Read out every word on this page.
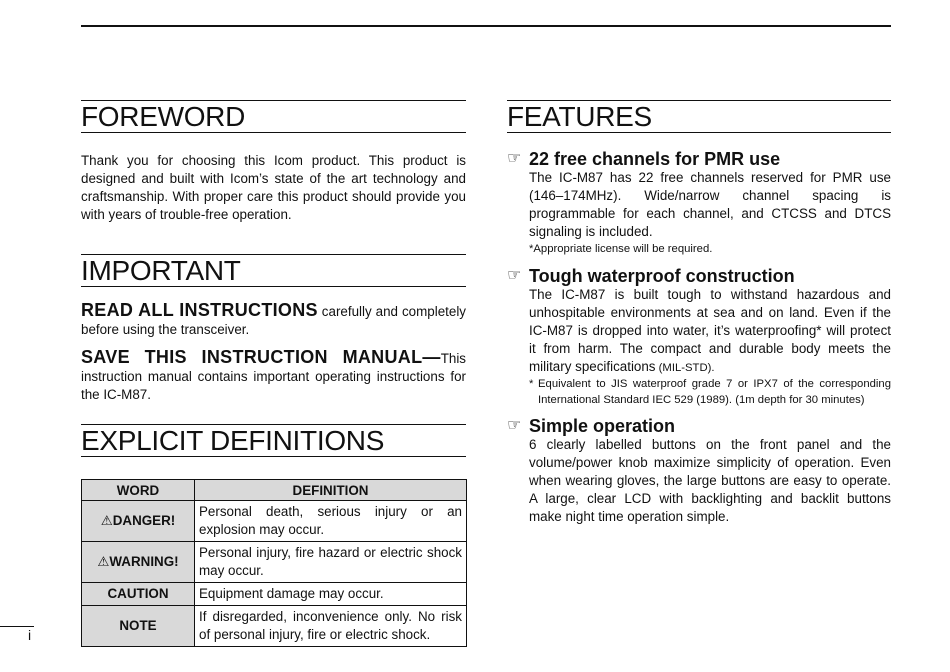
FOREWORD

Thank you for choosing this Icom product. This product is designed and built with Icom’s state of the art technology and craftsmanship. With proper care this product should provide you with years of trouble-free operation.

IMPORTANT
READ ALL INSTRUCTIONS carefully and completely before using the transceiver.
SAVE THIS INSTRUCTION MANUAL—This instruction manual contains important operating instructions for the IC-M87.
EXPLICIT DEFINITIONS
WORD	DEFINITION
⚠DANGER!	Personal death, serious injury or an explosion may occur.
⚠WARNING!	Personal injury, fire hazard or electric shock may occur.
CAUTION	Equipment damage may occur.
NOTE	If disregarded, inconvenience only. No risk of personal injury, fire or electric shock.
FEATURES
☞ 22 free channels for PMR use
The IC-M87 has 22 free channels reserved for PMR use (146–174MHz). Wide/narrow channel spacing is programmable for each channel, and CTCSS and DTCS signaling is included.
*Appropriate license will be required.
☞ Tough waterproof construction
The IC-M87 is built tough to withstand hazardous and unhospitable environments at sea and on land. Even if the IC-M87 is dropped into water, it’s waterproofing* will protect it from harm. The compact and durable body meets the military specifications (MIL-STD).
* Equivalent to JIS waterproof grade 7 or IPX7 of the corresponding International Standard IEC 529 (1989). (1m depth for 30 minutes)
☞ Simple operation
6 clearly labelled buttons on the front panel and the volume/power knob maximize simplicity of operation. Even when wearing gloves, the large buttons are easy to operate. A large, clear LCD with backlighting and backlit buttons make night time operation simple.
i
